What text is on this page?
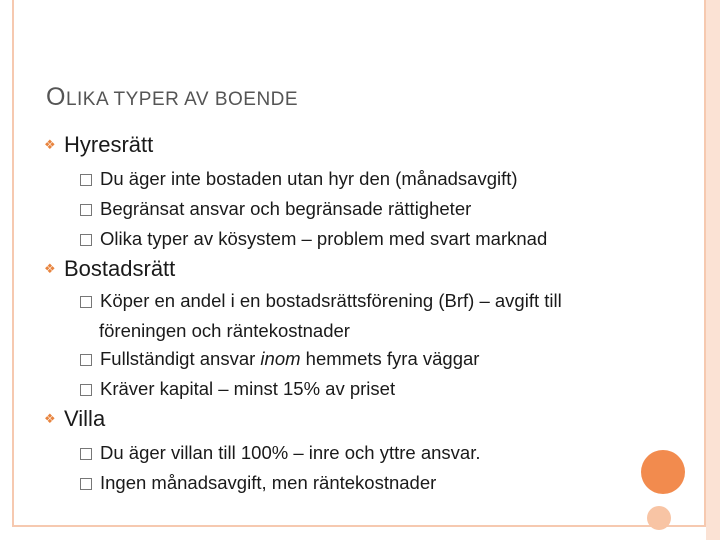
OLIKA TYPER AV BOENDE
❖ Hyresrätt
Du äger inte bostaden utan hyr den (månadsavgift)
Begränsat ansvar och begränsade rättigheter
Olika typer av kösystem – problem med svart marknad
❖ Bostadsrätt
Köper en andel i en bostadsrättsförening (Brf) – avgift till
föreningen och räntekostnader
Fullständigt ansvar inom hemmets fyra väggar
Kräver kapital – minst 15% av priset
❖ Villa
Du äger villan till 100% – inre och yttre ansvar.
Ingen månadsavgift, men räntekostnader
